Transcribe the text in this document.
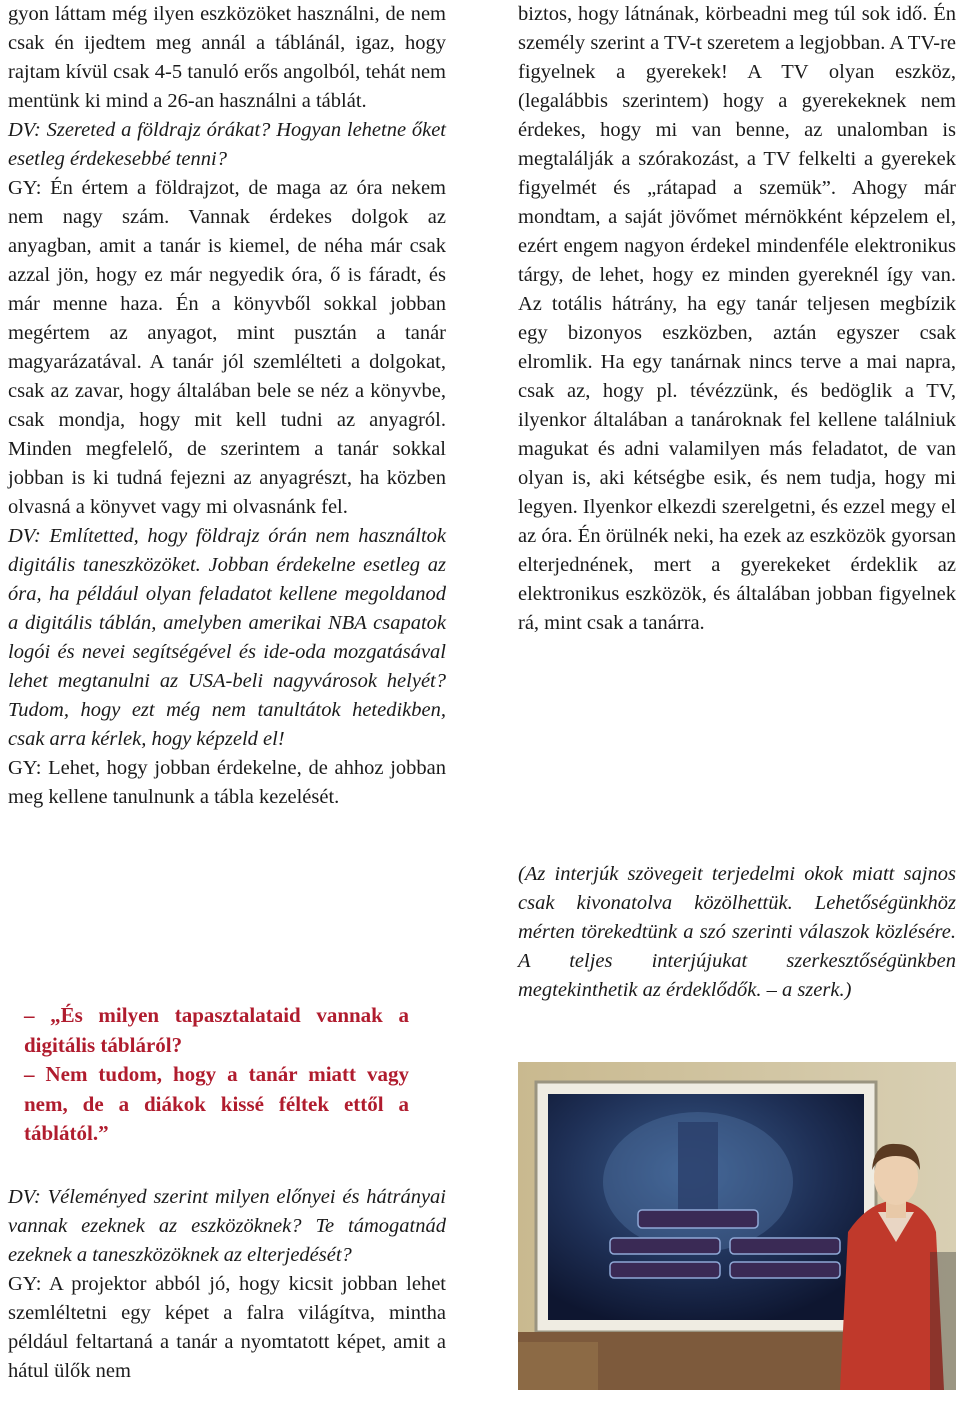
gyon láttam még ilyen eszközöket használni, de nem csak én ijedtem meg annál a táblánál, igaz, hogy rajtam kívül csak 4-5 tanuló erős angolból, tehát nem mentünk ki mind a 26-an használni a táblát.

DV: Szereted a földrajz órákat? Hogyan lehetne őket esetleg érdekesebbé tenni?

GY: Én értem a földrajzot, de maga az óra nekem nem nagy szám. Vannak érdekes dolgok az anyagban, amit a tanár is kiemel, de néha már csak azzal jön, hogy ez már negyedik óra, ő is fáradt, és már menne haza. Én a könyvből sokkal jobban megértem az anyagot, mint pusztán a tanár magyarázatával. A tanár jól szemlélteti a dolgokat, csak az zavar, hogy általában bele se néz a könyvbe, csak mondja, hogy mit kell tudni az anyagról. Minden megfelelő, de szerintem a tanár sokkal jobban is ki tudná fejezni az anyagrészt, ha közben olvasná a könyvet vagy mi olvasnánk fel.

DV: Említetted, hogy földrajz órán nem használtok digitális taneszközöket. Jobban érdekelne esetleg az óra, ha például olyan feladatot kellene megoldanod a digitális táblán, amelyben amerikai NBA csapatok logói és nevei segítségével és ide-oda mozgatásával lehet megtanulni az USA-beli nagyvárosok helyét? Tudom, hogy ezt még nem tanultátok hetedikben, csak arra kérlek, hogy képzeld el!

GY: Lehet, hogy jobban érdekelne, de ahhoz jobban meg kellene tanulnunk a tábla kezelését.

– „És milyen tapasztalataid vannak a digitális tábláról?

– Nem tudom, hogy a tanár miatt vagy nem, de a diákok kissé féltek ettől a táblától.”

DV: Véleményed szerint milyen előnyei és hátrányai vannak ezeknek az eszközöknek? Te támogatnád ezeknek a taneszközöknek az elterjedését?

GY: A projektor abból jó, hogy kicsit jobban lehet szemléltetni egy képet a falra világítva, mintha például feltartaná a tanár a nyomtatott képet, amit a hátul ülők nem

biztos, hogy látnának, körbeadni meg túl sok idő. Én személy szerint a TV-t szeretem a legjobban. A TV-re figyelnek a gyerekek! A TV olyan eszköz, (legalábbis szerintem) hogy a gyerekeknek nem érdekes, hogy mi van benne, az unalomban is megtalálják a szórakozást, a TV felkelti a gyerekek figyelmét és „rátapad a szemük”. Ahogy már mondtam, a saját jövőmet mérnökként képzelem el, ezért engem nagyon érdekel mindenféle elektronikus tárgy, de lehet, hogy ez minden gyereknél így van. Az totális hátrány, ha egy tanár teljesen megbízik egy bizonyos eszközben, aztán egyszer csak elromlik. Ha egy tanárnak nincs terve a mai napra, csak az, hogy pl. tévézzünk, és bedöglik a TV, ilyenkor általában a tanároknak fel kellene találniuk magukat és adni valamilyen más feladatot, de van olyan is, aki kétségbe esik, és nem tudja, hogy mi legyen. Ilyenkor elkezdi szerelgetni, és ezzel megy el az óra. Én örülnék neki, ha ezek az eszközök gyorsan elterjednének, mert a gyerekeket érdeklik az elektronikus eszközök, és általában jobban figyelnek rá, mint csak a tanárra.

(Az interjúk szövegeit terjedelmi okok miatt sajnos csak kivonatolva közölhettük. Lehetőségünkhöz mérten törekedtünk a szó szerinti válaszok közlésére. A teljes interjújukat szerkesztőségünkben megtekinthetik az érdeklődők. – a szerk.)
